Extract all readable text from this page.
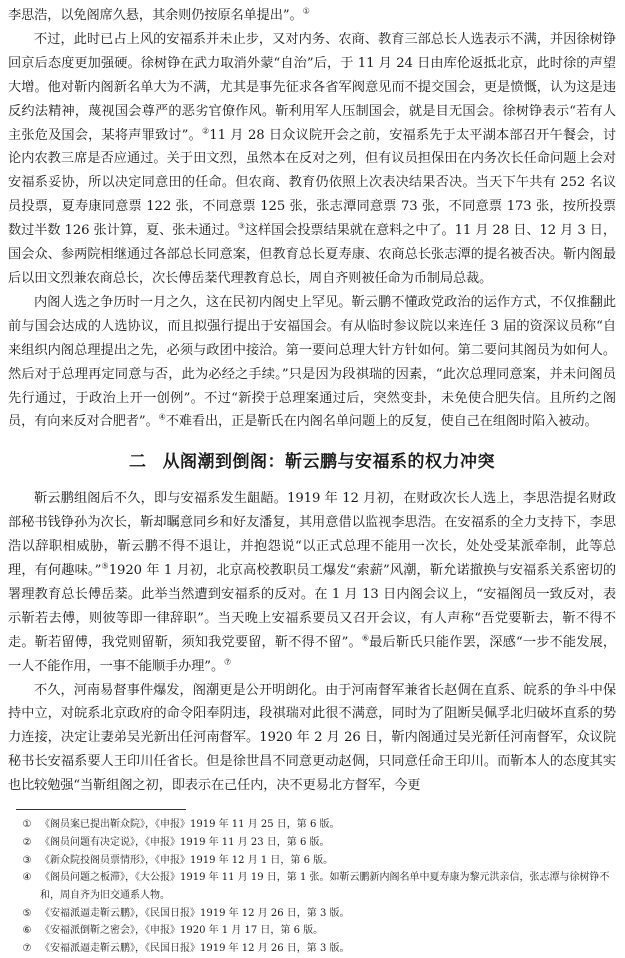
李思浩，以免阁席久悬，其余则仍按原名单提出”。①

不过，此时已占上风的安福系并未止步，又对内务、农商、教育三部总长人选表示不满，并因徐树铮回京后态度更加强硬。徐树铮在武力取消外蒙“自治”后，于 11 月 24 日由库伦返抵北京，此时徐的声望大增。他对靳内阁新名单大为不满，尤其是事先征求各省军阀意见而不提交国会，更是愤慨，认为这是违反约法精神，蔑视国会尊严的恶劣官僚作风。靳利用军人压制国会，就是目无国会。徐树铮表示“若有人主张危及国会，某将声罪致讨”。②11 月 28 日众议院开会之前，安福系先于太平湖本部召开午餐会，讨论内农教三席是否应通过。关于田文烈，虽然本在反对之列，但有议员担保田在内务次长任命问题上会对安福系妥协，所以决定同意田的任命。但农商、教育仍依照上次表决结果否决。当天下午共有 252 名议员投票，夏寿康同意票 122 张，不同意票 125 张，张志潭同意票 73 张，不同意票 173 张，按所投票数过半数 126 张计算，夏、张未通过。③这样国会投票结果就在意料之中了。11 月 28 日、12 月 3 日，国会众、参两院相继通过各部总长同意案，但教育总长夏寿康、农商总长张志潭的提名被否决。靳内阁最后以田文烈兼农商总长，次长傅岳棻代理教育总长，周自齐则被任命为币制局总裁。

内阁人选之争历时一月之久，这在民初内阁史上罕见。靳云鹏不懂政党政治的运作方式，不仅推翻此前与国会达成的人选协议，而且拟强行提出于安福国会。有从临时参议院以来连任 3 届的资深议员称“自来组织内阁总理提出之先，必须与政团中接洽。第一要问总理大针方针如何。第二要问其阁员为如何人。然后对于总理再定同意与否，此为必经之手续。”只是因为段祺瑞的因素，“此次总理同意案，并未问阁员先行通过，于政治上开一创例”。不过“新揆于总理案通过后，突然变卦，未免使合肥失信。且所约之阁员，有向来反对合肥者”。④不难看出，正是靳氏在内阁名单问题上的反复，使自己在组阁时陷入被动。

二 从阁潮到倒阁：靳云鹏与安福系的权力冲突

靳云鹏组阁后不久，即与安福系发生龃龉。1919 年 12 月初，在财政次长人选上，李思浩提名财政部秘书钱铮孙为次长，靳却瞩意同乡和好友潘复，其用意借以监视李思浩。在安福系的全力支持下，李思浩以辞职相威胁，靳云鹏不得不退让，并抱怨说“以正式总理不能用一次长，处处受某派牵制，此等总理，有何趣味。”⑤1920 年 1 月初，北京高校教职员工爆发“索薪”风潮，靳允诺撤换与安福系关系密切的署理教育总长傅岳棻。此举当然遭到安福系的反对。在 1 月 13 日内阁会议上，“安福阁员一致反对，表示靳若去傅，则彼等即一律辞职”。当天晚上安福系要员又召开会议，有人声称“吾党要靳去，靳不得不走。靳若留傅，我党则留靳，须知我党要留，靳不得不留”。⑥最后靳氏只能作罢，深感“一步不能发展，一人不能作用，一事不能顺手办理”。⑦

不久，河南易督事件爆发，阁潮更是公开明朗化。由于河南督军兼省长赵倜在直系、皖系的争斗中保持中立，对皖系北京政府的命令阳奉阴违，段祺瑞对此很不满意，同时为了阻断吴佩孚北归破坏直系的势力连接，决定让妻弟吴光新出任河南督军。1920 年 2 月 26 日，靳内阁通过吴光新任河南督军，众议院秘书长安福系要人王印川任省长。但是徐世昌不同意更动赵倜，只同意任命王印川。而靳本人的态度其实也比较勉强“当靳组阁之初，即表示在己任内，决不更易北方督军，今更

① 《阁员案已提出靳众院》，《申报》1919 年 11 月 25 日，第 6 版。

② 《阁员问题有决定说》，《申报》1919 年 11 月 23 日，第 6 版。

③ 《新众院投阁员票情形》，《申报》1919 年 12 月 1 日，第 6 版。

④ 《阁员问题之板滞》，《大公报》1919 年 11 月 19 日，第 1 张。如靳云鹏新内阁名单中夏寿康为黎元洪亲信，张志潭与徐树铮不和，周自齐为旧交通系人物。

⑤ 《安福派逼走靳云鹏》，《民国日报》1919 年 12 月 26 日，第 3 版。

⑥ 《安福派倒靳之密会》，《申报》1920 年 1 月 17 日，第 6 版。

⑦ 《安福派逼走靳云鹏》，《民国日报》1919 年 12 月 26 日，第 3 版。
